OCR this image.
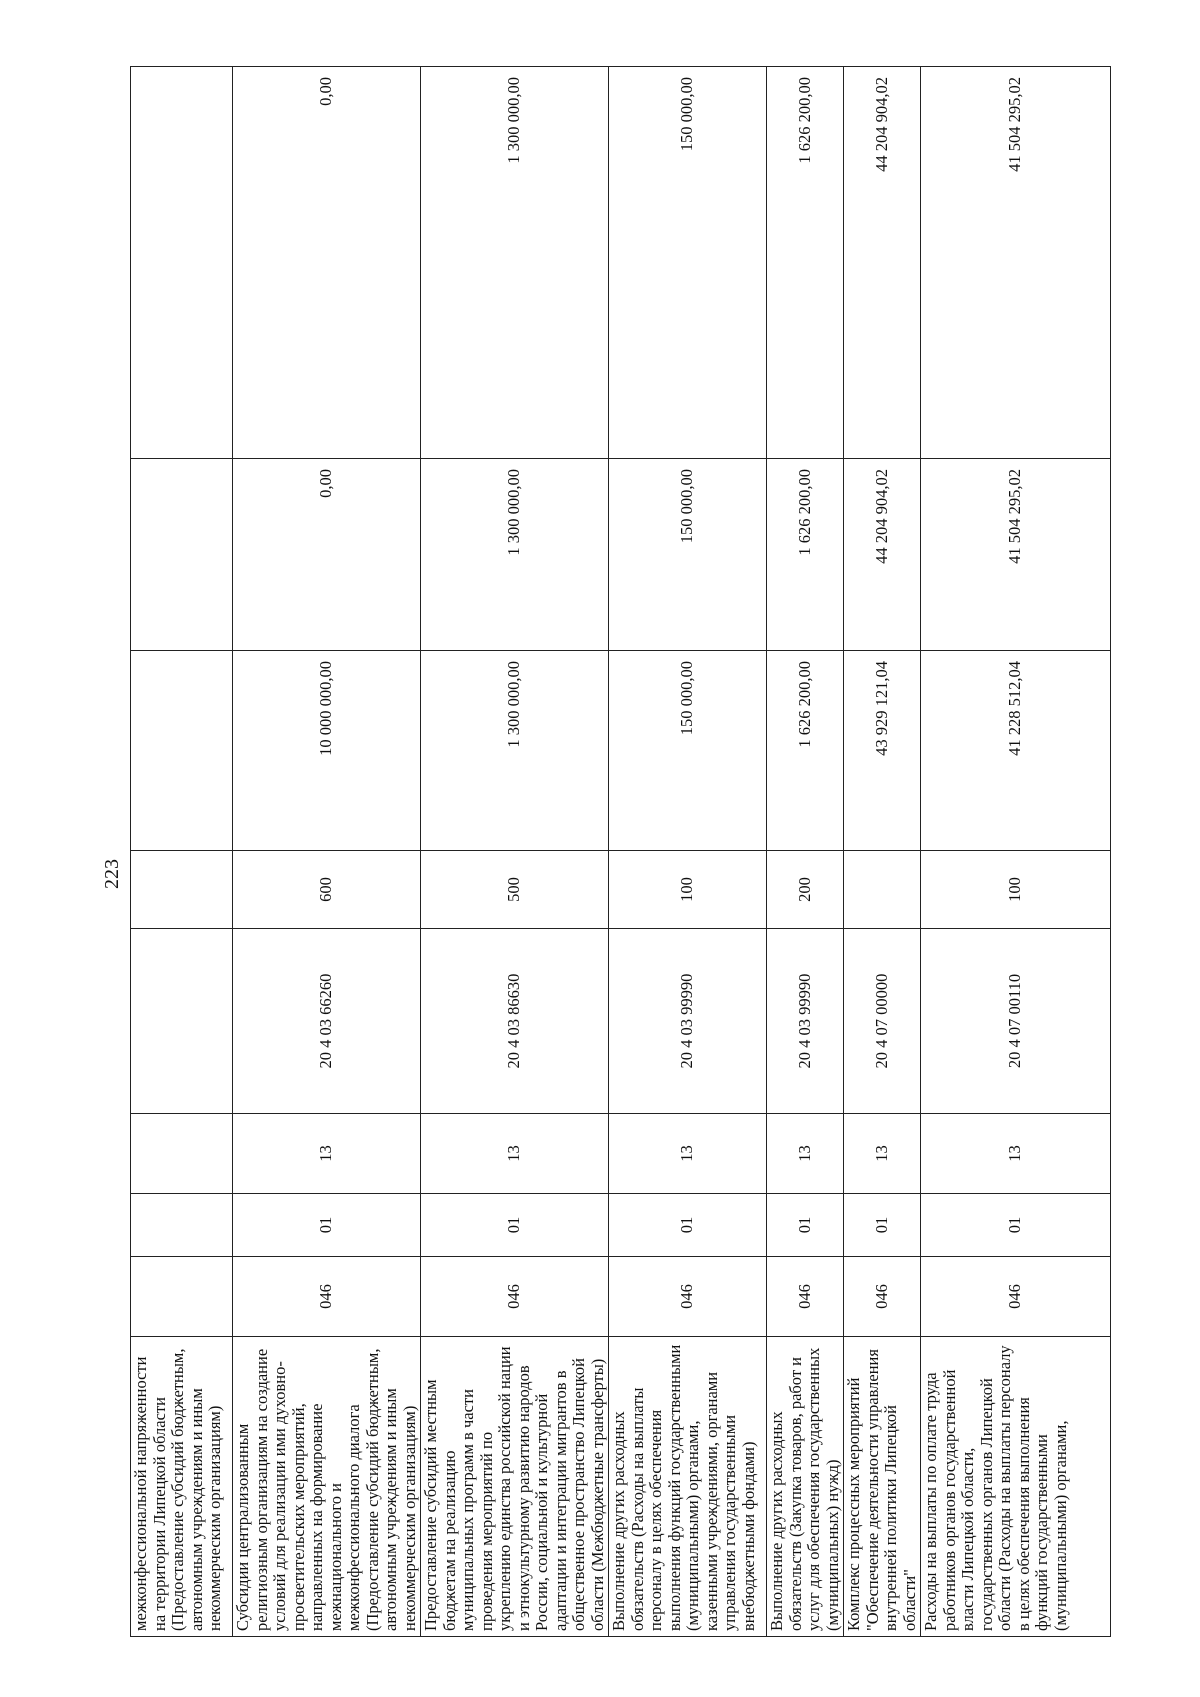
223
межконфессиональной напряженности на территории Липецкой области (Предоставление субсидий бюджетным, автономным учреждениям и иным некоммерческим организациям)								
Субсидии централизованным религиозным организациям на создание условий для реализации ими духовно-просветительских мероприятий, направленных на формирование межнационального и межконфессионального диалога (Предоставление субсидий бюджетным, автономным учреждениям и иным некоммерческим организациям)	046	01	13	20 4 03 66260	600	10 000 000,00	0,00	0,00
Предоставление субсидий местным бюджетам на реализацию муниципальных программ в части проведения мероприятий по укреплению единства российской нации и этнокультурному развитию народов России, социальной и культурной адаптации и интеграции мигрантов в общественное пространство Липецкой области (Межбюджетные трансферты)	046	01	13	20 4 03 86630	500	1 300 000,00	1 300 000,00	1 300 000,00
Выполнение других расходных обязательств (Расходы на выплаты персоналу в целях обеспечения выполнения функций государственными (муниципальными) органами, казенными учреждениями, органами управления государственными внебюджетными фондами)	046	01	13	20 4 03 99990	100	150 000,00	150 000,00	150 000,00
Выполнение других расходных обязательств (Закупка товаров, работ и услуг для обеспечения государственных (муниципальных) нужд)	046	01	13	20 4 03 99990	200	1 626 200,00	1 626 200,00	1 626 200,00
Комплекс процессных мероприятий "Обеспечение деятельности управления внутренней политики Липецкой области"	046	01	13	20 4 07 00000		43 929 121,04	44 204 904,02	44 204 904,02
Расходы на выплаты по оплате труда работников органов государственной власти Липецкой области, государственных органов Липецкой области (Расходы на выплаты персоналу в целях обеспечения выполнения функций государственными (муниципальными) органами,	046	01	13	20 4 07 00110	100	41 228 512,04	41 504 295,02	41 504 295,02
